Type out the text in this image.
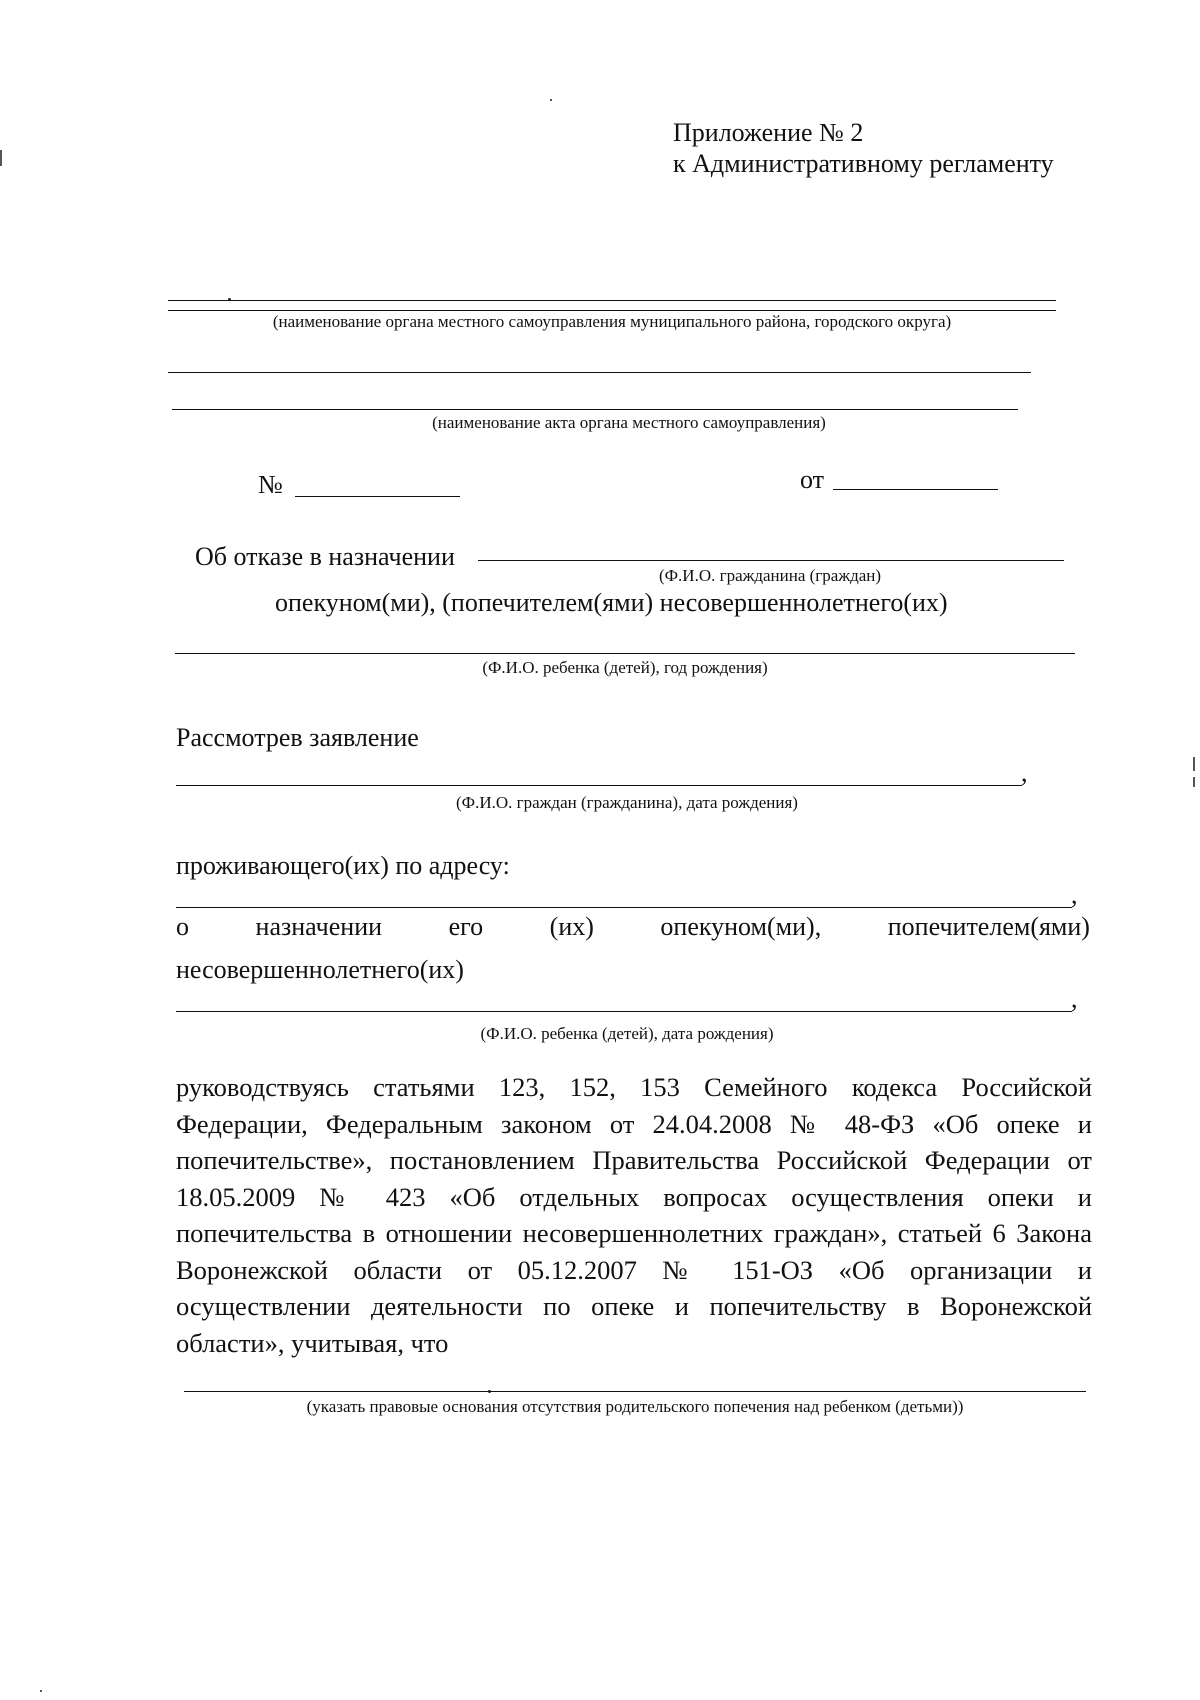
Приложение № 2
к Административному регламенту
(наименование органа местного самоуправления муниципального района, городского округа)
(наименование акта органа местного самоуправления)
№	от
Об отказе в назначении
(Ф.И.О. гражданина (граждан)
опекуном(ми), (попечителем(ями) несовершеннолетнего(их)
(Ф.И.О. ребенка (детей), год рождения)
Рассмотрев заявление
,
(Ф.И.О. граждан (гражданина), дата рождения)
проживающего(их) по адресу:
,
о	назначении	его	(их)	опекуном(ми),	попечителем(ями)
несовершеннолетнего(их)
,
(Ф.И.О. ребенка (детей), дата рождения)
руководствуясь статьями 123, 152, 153 Семейного кодекса Российской Федерации, Федеральным законом от 24.04.2008 № 48-ФЗ «Об опеке и попечительстве», постановлением Правительства Российской Федерации от 18.05.2009 № 423 «Об отдельных вопросах осуществления опеки и попечительства в отношении несовершеннолетних граждан», статьей 6 Закона Воронежской области от 05.12.2007 № 151-ОЗ «Об организации и осуществлении деятельности по опеке и попечительству в Воронежской области», учитывая, что
(указать правовые основания отсутствия родительского попечения над ребенком (детьми))
